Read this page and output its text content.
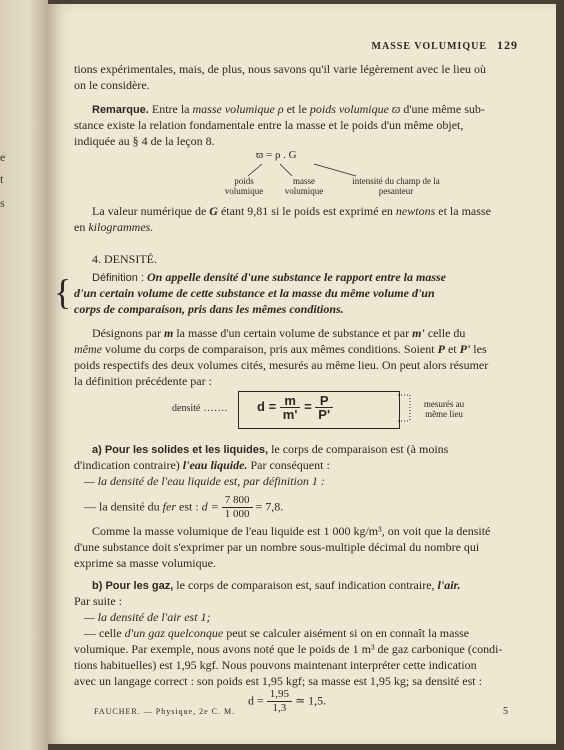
e
t
s
MASSE VOLUMIQUE 129

tions expérimentales, mais, de plus, nous savons qu'il varie légèrement avec le lieu où

on le considère.

Remarque. Entre la masse volumique ρ et le poids volumique ϖ d'une même sub-

stance existe la relation fondamentale entre la masse et le poids d'un même objet,

indiquée au § 4 de la leçon 8.

ϖ = ρ . G
poids volumique
masse volumique
intensité du champ de la pesanteur

La valeur numérique de G étant 9,81 si le poids est exprimé en newtons et la masse

en kilogrammes.

4. DENSITÉ.

{	Définition : On appelle densité d'une substance le rapport entre la masse

d'un certain volume de cette substance et la masse du même volume d'un

corps de comparaison, pris dans les mêmes conditions.

Désignons par m la masse d'un certain volume de substance et par m' celle du

même volume du corps de comparaison, pris aux mêmes conditions. Soient P et P' les

poids respectifs des deux volumes cités, mesurés au même lieu. On peut alors résumer

la définition précédente par :

densité ....... $d = \frac{m}{m'} = \frac{P}{P'}$	mesurés au même lieu

a) Pour les solides et les liquides, le corps de comparaison est (à moins

d'indication contraire) l'eau liquide. Par conséquent :

— la densité de l'eau liquide est, par définition 1 :

— la densité du fer est : $d = \frac{7 800}{1 000} = 7,8$.

Comme la masse volumique de l'eau liquide est 1 000 kg/m³, on voit que la densité

d'une substance doit s'exprimer par un nombre sous-multiple décimal du nombre qui

exprime sa masse volumique.

b) Pour les gaz, le corps de comparaison est, sauf indication contraire, l'air.

Par suite :

— la densité de l'air est 1;

— celle d'un gaz quelconque peut se calculer aisément si on en connaît la masse

volumique. Par exemple, nous avons noté que le poids de 1 m³ de gaz carbonique (condi-

tions habituelles) est 1,95 kgf. Nous pouvons maintenant interpréter cette indication

avec un langage correct : son poids est 1,95 kgf; sa masse est 1,95 kg; sa densité est :

$d = \frac{1,95}{1,3}$ ≃ 1,5.
FAUCHER. — Physique, 2e C. M.	5
